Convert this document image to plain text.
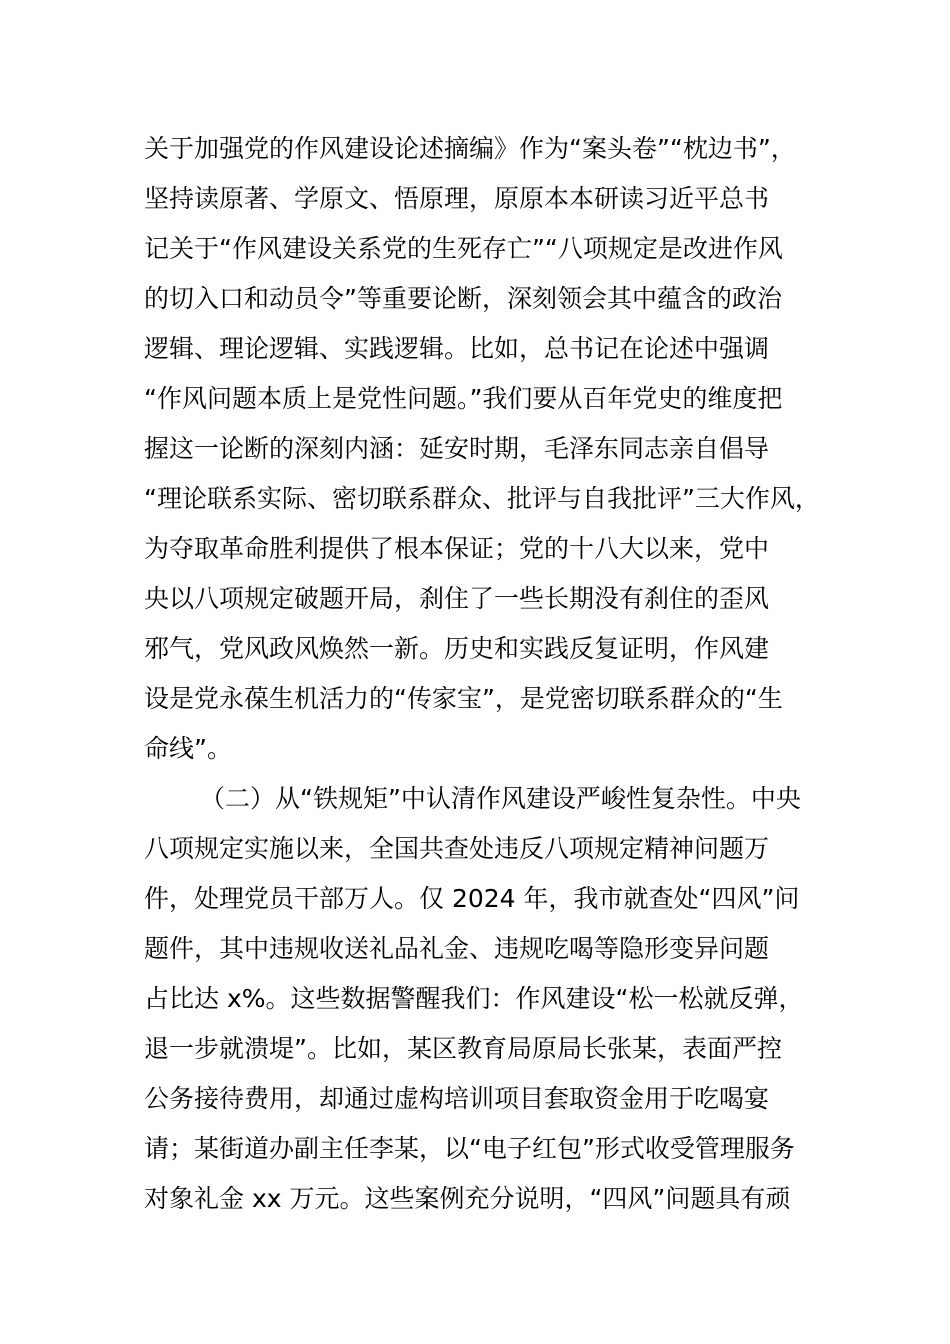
关于加强党的作风建设论述摘编》作为“案头卷”“枕边书”，
坚持读原著、学原文、悟原理，原原本本研读习近平总书
记关于“作风建设关系党的生死存亡”“八项规定是改进作风
的切入口和动员令”等重要论断，深刻领会其中蕴含的政治
逻辑、理论逻辑、实践逻辑。比如，总书记在论述中强调
“作风问题本质上是党性问题。”我们要从百年党史的维度把
握这一论断的深刻内涵：延安时期，毛泽东同志亲自倡导
“理论联系实际、密切联系群众、批评与自我批评”三大作风，
为夺取革命胜利提供了根本保证；党的十八大以来，党中
央以八项规定破题开局，刹住了一些长期没有刹住的歪风
邪气，党风政风焕然一新。历史和实践反复证明，作风建
设是党永葆生机活力的“传家宝”，是党密切联系群众的“生
命线”。
（二）从“铁规矩”中认清作风建设严峻性复杂性。中央
八项规定实施以来，全国共查处违反八项规定精神问题万
件，处理党员干部万人。仅 2024 年，我市就查处“四风”问
题件，其中违规收送礼品礼金、违规吃喝等隐形变异问题
占比达 x%。这些数据警醒我们：作风建设“松一松就反弹，
退一步就溃堤”。比如，某区教育局原局长张某，表面严控
公务接待费用，却通过虚构培训项目套取资金用于吃喝宴
请；某街道办副主任李某，以“电子红包”形式收受管理服务
对象礼金 xx 万元。这些案例充分说明，“四风”问题具有顽
